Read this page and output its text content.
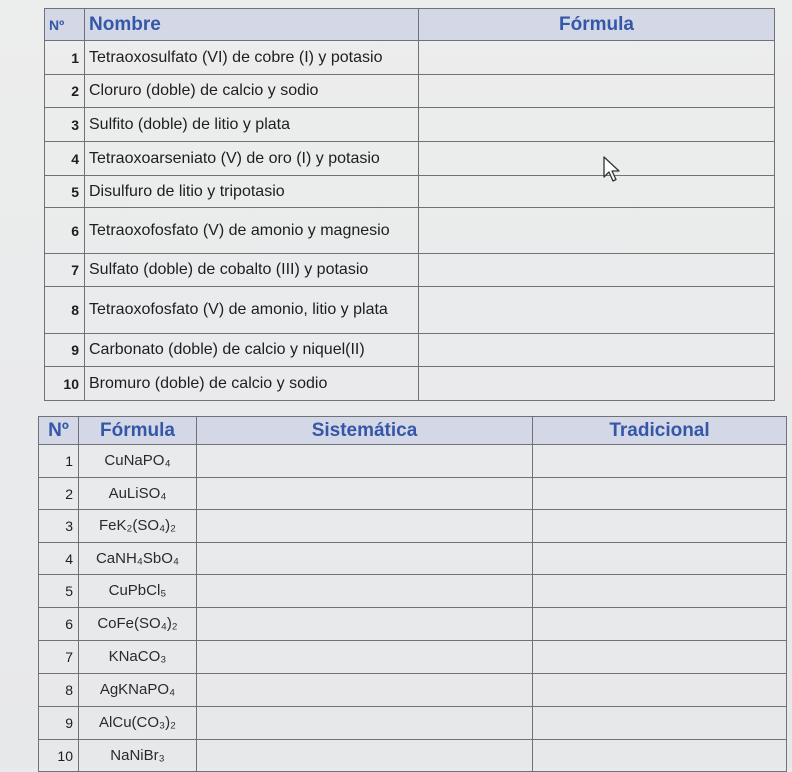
Nº	Nombre	Fórmula
1	Tetraoxosulfato (VI) de cobre (I) y potasio	
2	Cloruro (doble) de calcio y sodio	
3	Sulfito (doble) de litio y plata	
4	Tetraoxoarseniato (V) de oro (I) y potasio	
5	Disulfuro de litio y tripotasio	
6	Tetraoxofosfato (V) de amonio y magnesio	
7	Sulfato (doble) de cobalto (III) y potasio	
8	Tetraoxofosfato (V) de amonio, litio y plata	
9	Carbonato (doble) de calcio y niquel(II)	
10	Bromuro (doble) de calcio y sodio	
Nº	Fórmula	Sistemática	Tradicional
1	CuNaPO₄		
2	AuLiSO₄		
3	FeK₂(SO₄)₂		
4	CaNH₄SbO₄		
5	CuPbCl₅		
6	CoFe(SO₄)₂		
7	KNaCO₃		
8	AgKNaPO₄		
9	AlCu(CO₃)₂		
10	NaNiBr₃		
